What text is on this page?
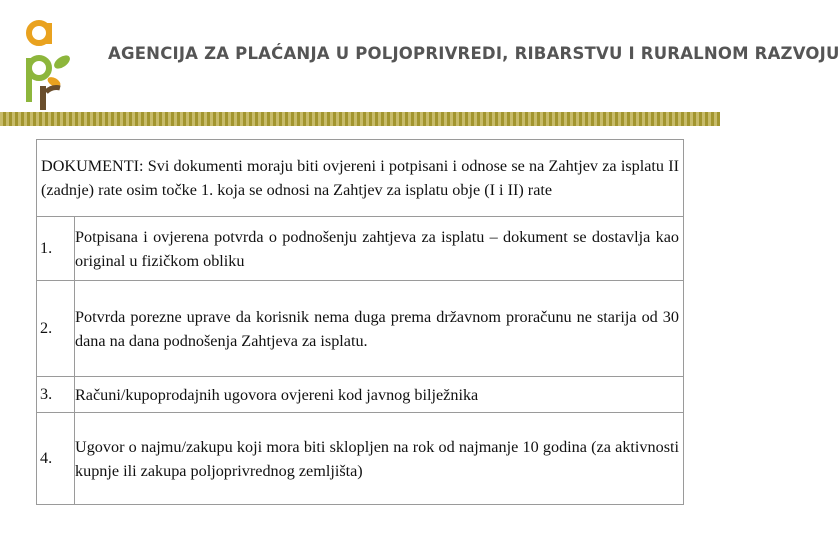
AGENCIJA ZA PLAĆANJA U POLJOPRIVREDI, RIBARSTVU I RURALNOM RAZVOJU
DOKUMENTI: Svi dokumenti moraju biti ovjereni i potpisani i odnose se na Zahtjev za isplatu II (zadnje) rate osim točke 1. koja se odnosi na Zahtjev za isplatu obje (I i II) rate	
1.	Potpisana i ovjerena potvrda o podnošenju zahtjeva za isplatu – dokument se dostavlja kao original u fizičkom obliku
2.	Potvrda porezne uprave da korisnik nema duga prema državnom proračunu ne starija od 30 dana na dana podnošenja Zahtjeva za isplatu.
3.	Računi/kupoprodajnih ugovora ovjereni kod javnog bilježnika
4.	Ugovor o najmu/zakupu koji mora biti sklopljen na rok od najmanje 10 godina (za aktivnosti kupnje ili zakupa poljoprivrednog zemljišta)
